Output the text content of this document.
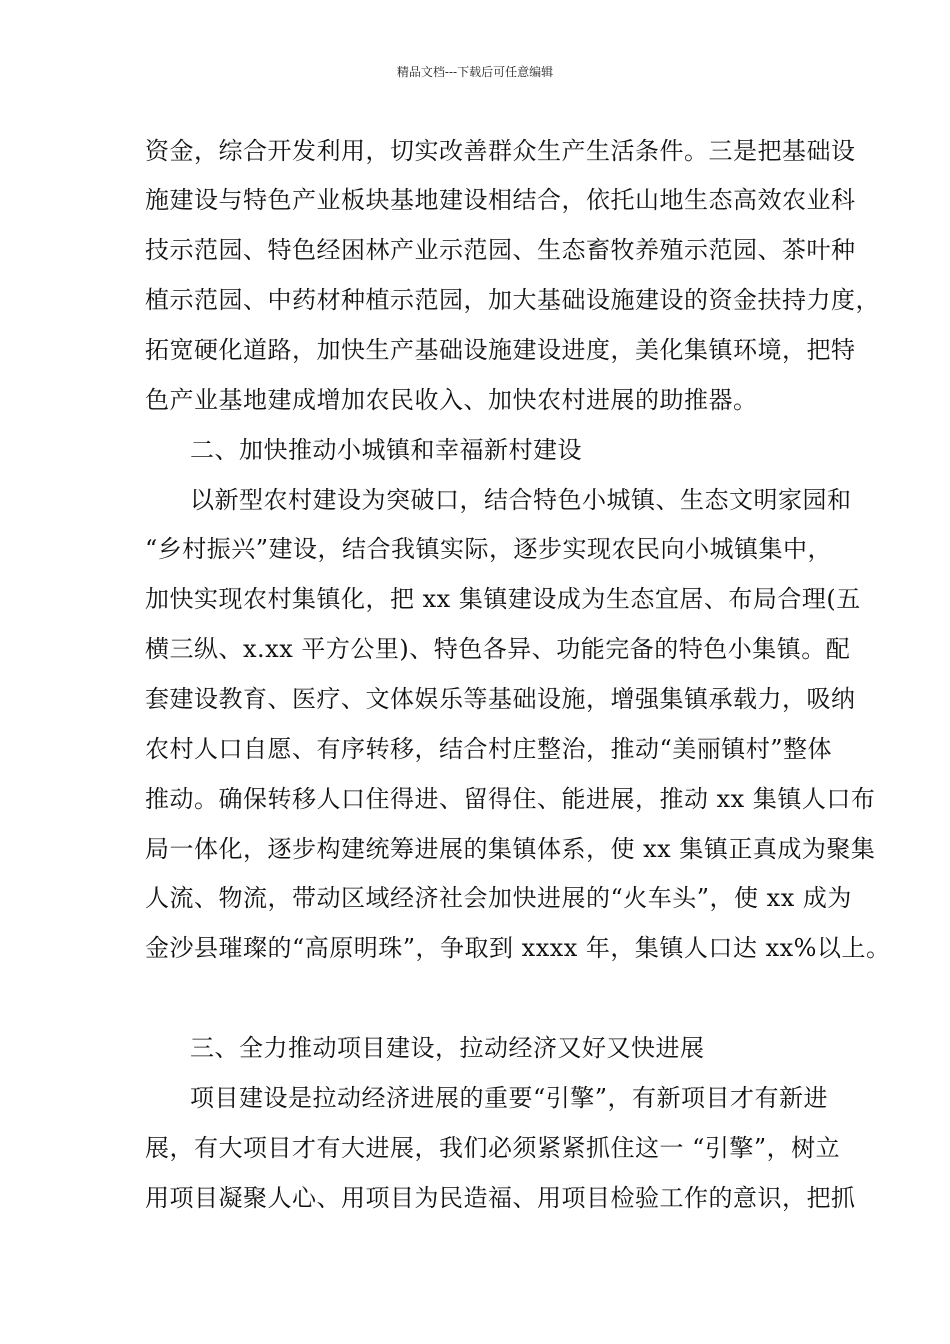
精品文档---下载后可任意编辑
资金，综合开发利用，切实改善群众生产生活条件。三是把基础设
施建设与特色产业板块基地建设相结合，依托山地生态高效农业科
技示范园、特色经困林产业示范园、生态畜牧养殖示范园、茶叶种
植示范园、中药材种植示范园，加大基础设施建设的资金扶持力度，
拓宽硬化道路，加快生产基础设施建设进度，美化集镇环境，把特
色产业基地建成增加农民收入、加快农村进展的助推器。
二、加快推动小城镇和幸福新村建设
以新型农村建设为突破口，结合特色小城镇、生态文明家园和
“乡村振兴”建设，结合我镇实际，逐步实现农民向小城镇集中，
加快实现农村集镇化，把 xx 集镇建设成为生态宜居、布局合理(五
横三纵、x.xx 平方公里)、特色各异、功能完备的特色小集镇。配
套建设教育、医疗、文体娱乐等基础设施，增强集镇承载力，吸纳
农村人口自愿、有序转移，结合村庄整治，推动“美丽镇村”整体
推动。确保转移人口住得进、留得住、能进展，推动 xx 集镇人口布
局一体化，逐步构建统筹进展的集镇体系，使 xx 集镇正真成为聚集
人流、物流，带动区域经济社会加快进展的“火车头”，使 xx 成为
金沙县璀璨的“高原明珠”，争取到 xxxx 年，集镇人口达 xx%以上。
三、全力推动项目建设，拉动经济又好又快进展
项目建设是拉动经济进展的重要“引擎”，有新项目才有新进
展，有大项目才有大进展，我们必须紧紧抓住这一 “引擎”，树立
用项目凝聚人心、用项目为民造福、用项目检验工作的意识，把抓
